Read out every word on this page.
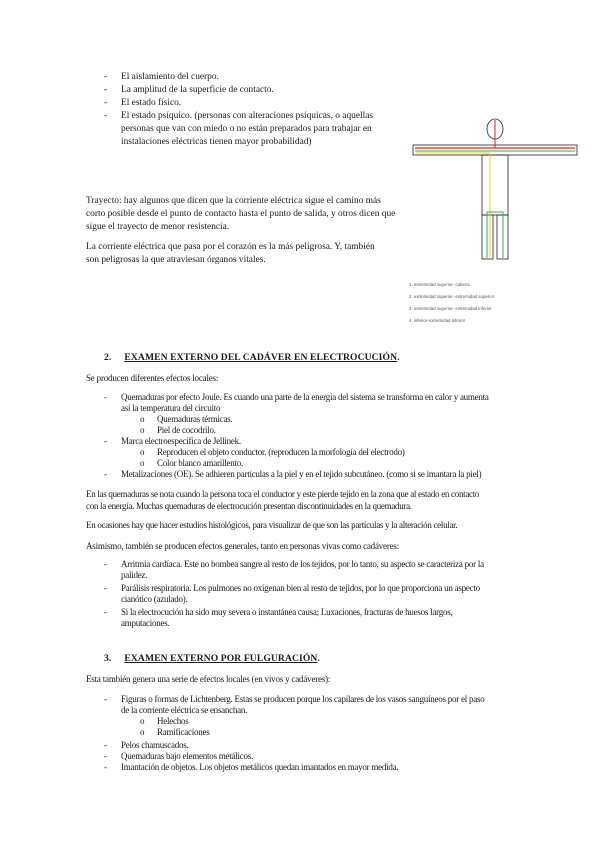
-	El aislamiento del cuerpo.
-	La amplitud de la superficie de contacto.
-	El estado físico.
-	El estado psíquico. (personas con alteraciones psíquicas, o aquellas
personas que van con miedo o no están preparados para trabajar en
instalaciones eléctricas tienen mayor probabilidad)
Trayecto: hay algunos que dicen que la corriente eléctrica sigue el camino más
corto posible desde el punto de contacto hasta el punto de salida, y otros dicen que
sigue el trayecto de menor resistencia.
La corriente eléctrica que pasa por el corazón es la más peligrosa. Y, también
son peligrosas la que atraviesan órganos vitales.
1. extremidad superior- cabeza
2. extremidad superior- extremidad superior
3. extremidad superior- extremidad inferior
4. inferior-extremidad inferior
2. EXAMEN EXTERNO DEL CADÁVER EN ELECTROCUCIÓN.
Se producen diferentes efectos locales:
-	Quemaduras por efecto Joule. Es cuando una parte de la energía del sistema se transforma en calor y aumenta
así la temperatura del circuito
o Quemaduras térmicas.
o Piel de cocodrilo.
-	Marca electroespecífica de Jellinek.
o Reproducen el objeto conductor. (reproducen la morfología del electrodo)
o Color blanco amarillento.
-	Metalizaciones (OE). Se adhieren partículas a la piel y en el tejido subcutáneo. (como si se imantara la piel)
En las quemaduras se nota cuando la persona toca el conductor y este pierde tejido en la zona que al estado en contacto
con la energía. Muchas quemaduras de electrocución presentan discontinuidades en la quemadura.
En ocasiones hay que hacer estudios histológicos, para visualizar de que son las partículas y la alteración celular.
Asimismo, también se producen efectos generales, tanto en personas vivas como cadáveres:
-	Arritmia cardíaca. Este no bombea sangre al resto de los tejidos, por lo tanto, su aspecto se caracteriza por la
palidez.
-	Parálisis respiratoria. Los pulmones no oxigenan bien al resto de tejidos, por lo que proporciona un aspecto
cianótico (azulado).
-	Si la electrocución ha sido muy severa o instantánea causa; Luxaciones, fracturas de huesos largos,
amputaciones.
3. EXAMEN EXTERNO POR FULGURACIÓN.
Esta también genera una serie de efectos locales (en vivos y cadáveres):
-	Figuras o formas de Lichtenberg. Estas se producen porque los capilares de los vasos sanguíneos por el paso
de la corriente eléctrica se ensanchan.
o Helechos
o Ramificaciones
-	Pelos chamuscados.
-	Quemaduras bajo elementos metálicos.
-	Imantación de objetos. Los objetos metálicos quedan imantados en mayor medida.
